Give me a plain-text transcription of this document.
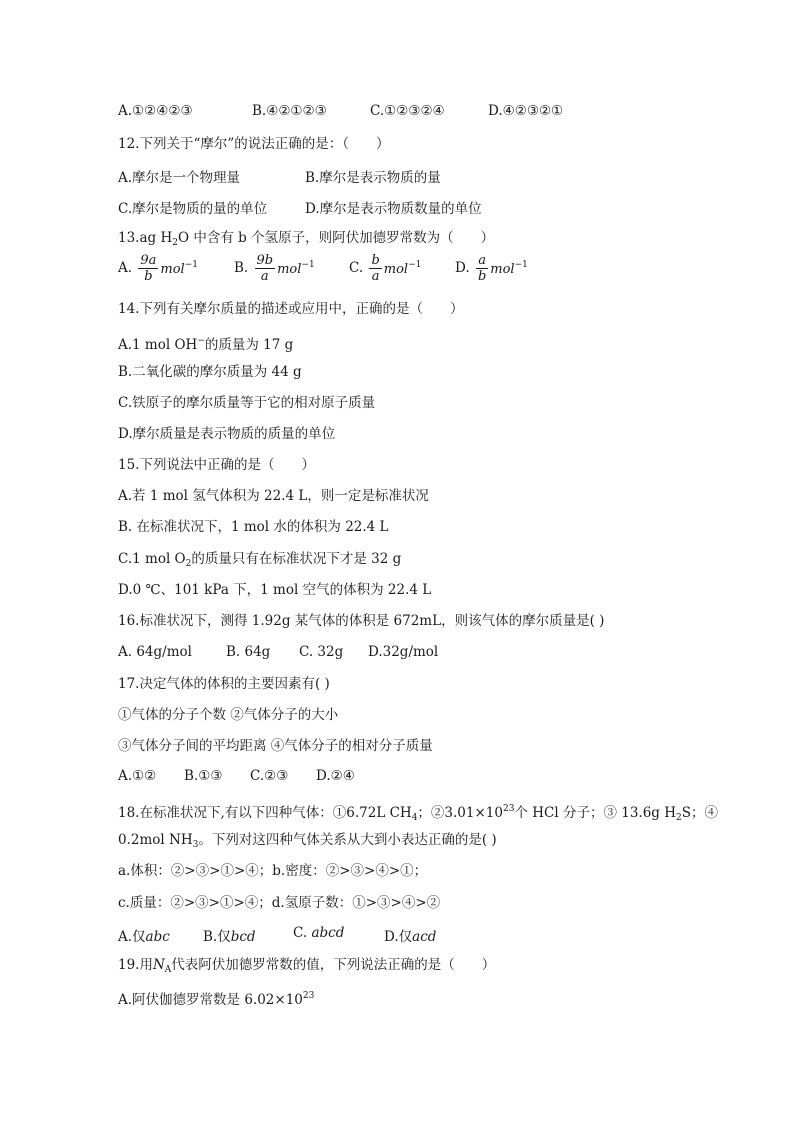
A.①②④②③	B.④②①②③	C.①②③②④	D.④②③②①
12.下列关于“摩尔”的说法正确的是：（　　）
A.摩尔是一个物理量	B.摩尔是表示物质的量
C.摩尔是物质的量的单位	D.摩尔是表示物质数量的单位
13.ag $H_2O$ 中含有 b 个氢原子，则阿伏加德罗常数为（　　）
A. $\frac{9a}{b} mol^{-1}$	B. $\frac{9b}{a} mol^{-1}$	C. $\frac{b}{a} mol^{-1}$ D. $\frac{a}{b} mol^{-1}$
14.下列有关摩尔质量的描述或应用中，正确的是（　　）
A.1 mol OH−的质量为 17 g
B.二氧化碳的摩尔质量为 44 g
C.铁原子的摩尔质量等于它的相对原子质量
D.摩尔质量是表示物质的质量的单位
15.下列说法中正确的是（　　）
A.若 1 mol 氢气体积为 22.4 L，则一定是标准状况
B. 在标准状况下，1 mol 水的体积为 22.4 L
C.1 mol $O_2$的质量只有在标准状况下才是 32 g
D.0 ℃、101 kPa 下，1 mol 空气的体积为 22.4 L
16.标准状况下，测得 1.92g 某气体的体积是 672mL，则该气体的摩尔质量是( )
A. 64g/mol	B. 64g C. 32g D.32g/mol
17.决定气体的体积的主要因素有( )
①气体的分子个数 ②气体分子的大小
③气体分子间的平均距离 ④气体分子的相对分子质量
A.①② B.①③ C.②③ D.②④
18.在标准状况下,有以下四种气体：①6.72L $CH_4$；$②3.01\times 10^{23}$个 HCl 分子；③ 13.6g $H_2S$；④
0.2mol $NH_3$。下列对这四种气体关系从大到小表达正确的是( )
a.体积：②>③>①>④；b.密度：②>③>④>①；
c.质量：②>③>①>④；d.氢原子数：①>③>④>②
A.仅abc B.仅bcd	C. abcd	D.仅acd
19.用$N_A$代表阿伏加德罗常数的值，下列说法正确的是（　　）
A.阿伏伽德罗常数是 $6.02\times 10^{23}$
